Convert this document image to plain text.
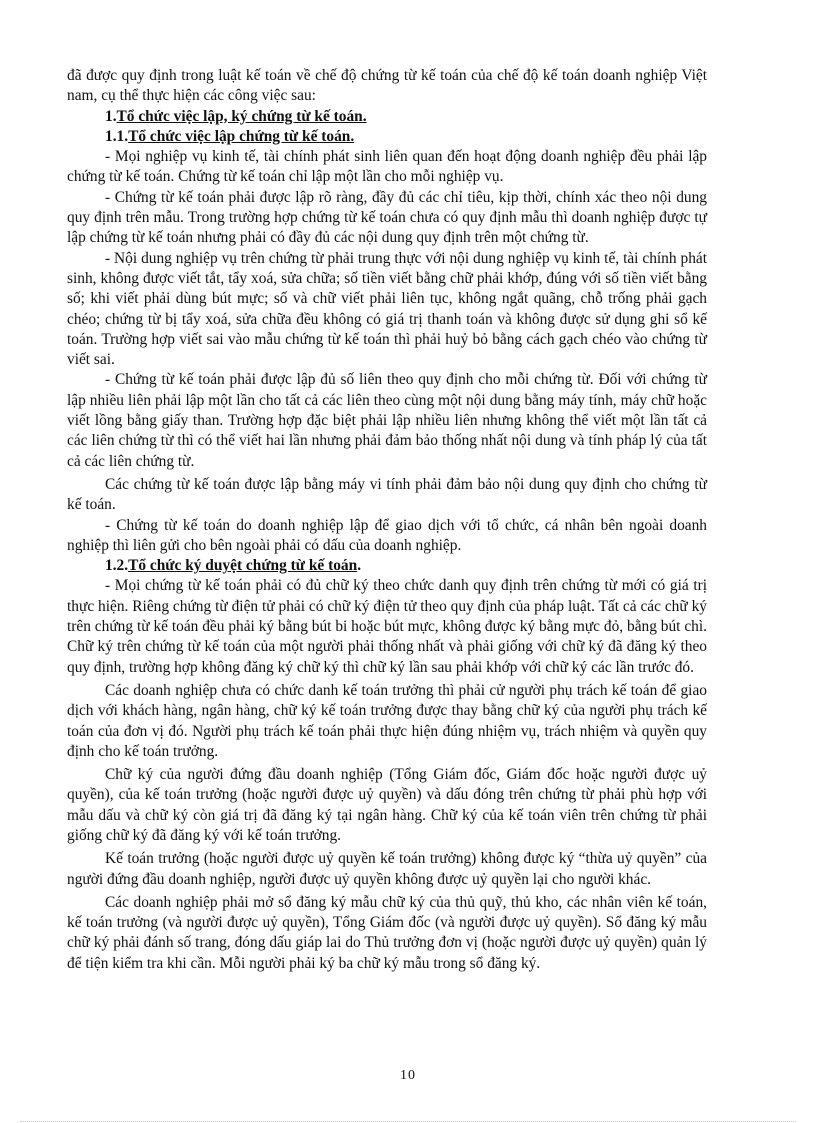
đã được quy định trong luật kế toán về chế độ chứng từ kế toán của chế độ kế toán doanh nghiệp Việt nam, cụ thể thực hiện các công việc sau:

1.Tổ chức việc lập, ký chứng từ kế toán.

1.1.Tổ chức việc lập chứng từ kế toán.

- Mọi nghiệp vụ kinh tế, tài chính phát sinh liên quan đến hoạt động doanh nghiệp đều phải lập chứng từ kế toán. Chứng từ kế toán chỉ lập một lần cho mỗi nghiệp vụ.

- Chứng từ kế toán phải được lập rõ ràng, đầy đủ các chỉ tiêu, kịp thời, chính xác theo nội dung quy định trên mẫu. Trong trường hợp chứng từ kế toán chưa có quy định mẫu thì doanh nghiệp được tự lập chứng từ kế toán nhưng phải có đầy đủ các nội dung quy định trên một chứng từ.

- Nội dung nghiệp vụ trên chứng từ phải trung thực với nội dung nghiệp vụ kinh tế, tài chính phát sinh, không được viết tắt, tẩy xoá, sửa chữa; số tiền viết bằng chữ phải khớp, đúng với số tiền viết bằng số; khi viết phải dùng bút mực; số và chữ viết phải liên tục, không ngắt quãng, chỗ trống phải gạch chéo; chứng từ bị tẩy xoá, sửa chữa đều không có giá trị thanh toán và không được sử dụng ghi sổ kế toán. Trường hợp viết sai vào mẫu chứng từ kế toán thì phải huỷ bỏ bằng cách gạch chéo vào chứng từ viết sai.

- Chứng từ kế toán phải được lập đủ số liên theo quy định cho mỗi chứng từ. Đối với chứng từ lập nhiều liên phải lập một lần cho tất cả các liên theo cùng một nội dung bằng máy tính, máy chữ hoặc viết lồng bằng giấy than. Trường hợp đặc biệt phải lập nhiều liên nhưng không thể viết một lần tất cả các liên chứng từ thì có thể viết hai lần nhưng phải đảm bảo thống nhất nội dung và tính pháp lý của tất cả các liên chứng từ.

Các chứng từ kế toán được lập bằng máy vi tính phải đảm bảo nội dung quy định cho chứng từ kế toán.

- Chứng từ kế toán do doanh nghiệp lập để giao dịch với tổ chức, cá nhân bên ngoài doanh nghiệp thì liên gửi cho bên ngoài phải có dấu của doanh nghiệp.

1.2.Tổ chức ký duyệt chứng từ kế toán.

- Mọi chứng từ kế toán phải có đủ chữ ký theo chức danh quy định trên chứng từ mới có giá trị thực hiện. Riêng chứng từ điện tử phải có chữ ký điện tử theo quy định của pháp luật. Tất cả các chữ ký trên chứng từ kế toán đều phải ký bằng bút bi hoặc bút mực, không được ký bằng mực đỏ, bằng bút chì. Chữ ký trên chứng từ kế toán của một người phải thống nhất và phải giống với chữ ký đã đăng ký theo quy định, trường hợp không đăng ký chữ ký thì chữ ký lần sau phải khớp với chữ ký các lần trước đó.

Các doanh nghiệp chưa có chức danh kế toán trưởng thì phải cử người phụ trách kế toán để giao dịch với khách hàng, ngân hàng, chữ ký kế toán trưởng được thay bằng chữ ký của người phụ trách kế toán của đơn vị đó. Người phụ trách kế toán phải thực hiện đúng nhiệm vụ, trách nhiệm và quyền quy định cho kế toán trưởng.

Chữ ký của người đứng đầu doanh nghiệp (Tổng Giám đốc, Giám đốc hoặc người được uỷ quyền), của kế toán trưởng (hoặc người được uỷ quyền) và dấu đóng trên chứng từ phải phù hợp với mẫu dấu và chữ ký còn giá trị đã đăng ký tại ngân hàng. Chữ ký của kế toán viên trên chứng từ phải giống chữ ký đã đăng ký với kế toán trưởng.

Kế toán trưởng (hoặc người được uỷ quyền kế toán trưởng) không được ký “thừa uỷ quyền” của người đứng đầu doanh nghiệp, người được uỷ quyền không được uỷ quyền lại cho người khác.

Các doanh nghiệp phải mở sổ đăng ký mẫu chữ ký của thủ quỹ, thủ kho, các nhân viên kế toán, kế toán trưởng (và người được uỷ quyền), Tổng Giám đốc (và người được uỷ quyền). Sổ đăng ký mẫu chữ ký phải đánh số trang, đóng dấu giáp lai do Thủ trưởng đơn vị (hoặc người được uỷ quyền) quản lý để tiện kiểm tra khi cần. Mỗi người phải ký ba chữ ký mẫu trong sổ đăng ký.

10
